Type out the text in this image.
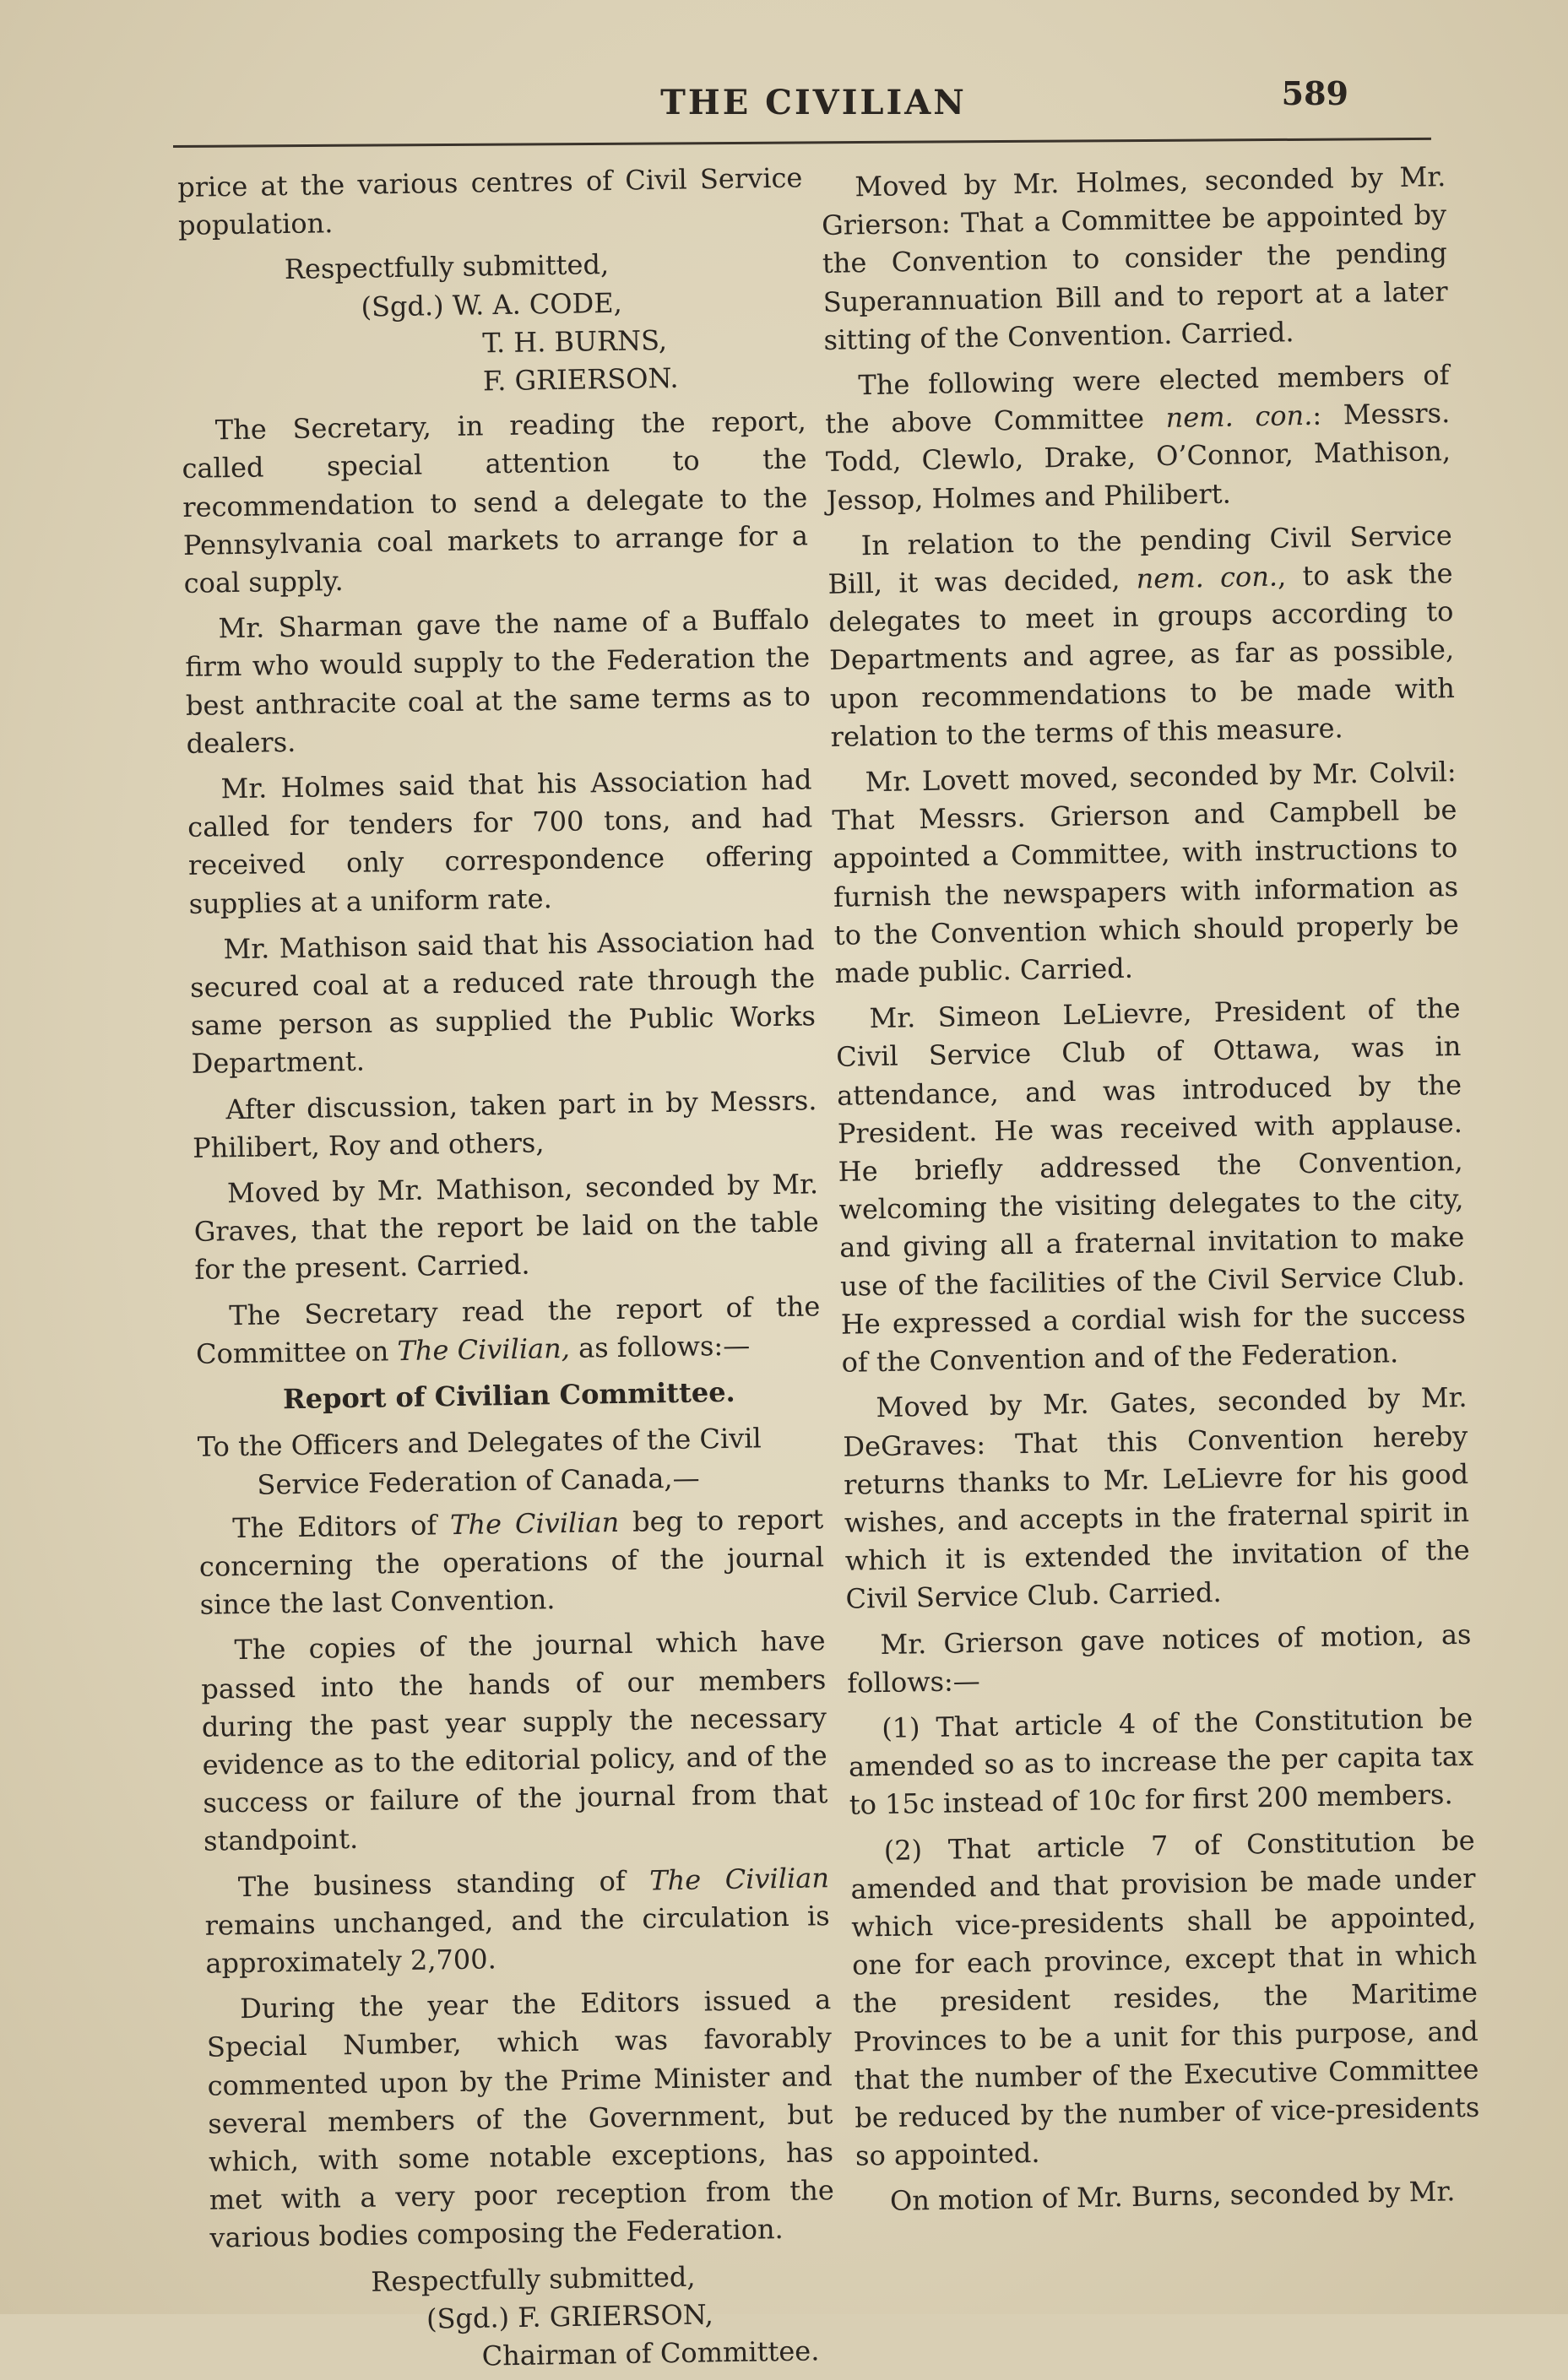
THE CIVILIAN	589

price at the various centres of Civil Service population.

Respectfully submitted,
(Sgd.) W. A. CODE,
T. H. BURNS,
F. GRIERSON.

The Secretary, in reading the report, called special attention to the recommendation to send a delegate to the Pennsylvania coal markets to arrange for a coal supply.

Mr. Sharman gave the name of a Buffalo firm who would supply to the Federation the best anthracite coal at the same terms as to dealers.

Mr. Holmes said that his Association had called for tenders for 700 tons, and had received only correspondence offering supplies at a uniform rate.

Mr. Mathison said that his Association had secured coal at a reduced rate through the same person as supplied the Public Works Department.

After discussion, taken part in by Messrs. Philibert, Roy and others,

Moved by Mr. Mathison, seconded by Mr. Graves, that the report be laid on the table for the present. Carried.

The Secretary read the report of the Committee on The Civilian, as follows:—

Report of Civilian Committee.
To the Officers and Delegates of the Civil
Service Federation of Canada,—

The Editors of The Civilian beg to report concerning the operations of the journal since the last Convention.

The copies of the journal which have passed into the hands of our members during the past year supply the necessary evidence as to the editorial policy, and of the success or failure of the journal from that standpoint.

The business standing of The Civilian remains unchanged, and the circulation is approximately 2,700.

During the year the Editors issued a Special Number, which was favorably commented upon by the Prime Minister and several members of the Government, but which, with some notable exceptions, has met with a very poor reception from the various bodies composing the Federation.

Respectfully submitted,
(Sgd.) F. GRIERSON,
Chairman of Committee.

Moved by Mr. Holmes, seconded by Mr. Grierson: That a Committee be appointed by the Convention to consider the pending Superannuation Bill and to report at a later sitting of the Convention. Carried.

The following were elected members of the above Committee nem. con.: Messrs. Todd, Clewlo, Drake, O’Connor, Mathison, Jessop, Holmes and Philibert.

In relation to the pending Civil Service Bill, it was decided, nem. con., to ask the delegates to meet in groups according to Departments and agree, as far as possible, upon recommendations to be made with relation to the terms of this measure.

Mr. Lovett moved, seconded by Mr. Colvil: That Messrs. Grierson and Campbell be appointed a Committee, with instructions to furnish the newspapers with information as to the Convention which should properly be made public. Carried.

Mr. Simeon LeLievre, President of the Civil Service Club of Ottawa, was in attendance, and was introduced by the President. He was received with applause. He briefly addressed the Convention, welcoming the visiting delegates to the city, and giving all a fraternal invitation to make use of the facilities of the Civil Service Club. He expressed a cordial wish for the success of the Convention and of the Federation.

Moved by Mr. Gates, seconded by Mr. DeGraves: That this Convention hereby returns thanks to Mr. LeLievre for his good wishes, and accepts in the fraternal spirit in which it is extended the invitation of the Civil Service Club. Carried.

Mr. Grierson gave notices of motion, as follows:—

(1) That article 4 of the Constitution be amended so as to increase the per capita tax to 15c instead of 10c for first 200 members.

(2) That article 7 of Constitution be amended and that provision be made under which vice-presidents shall be appointed, one for each province, except that in which the president resides, the Maritime Provinces to be a unit for this purpose, and that the number of the Executive Committee be reduced by the number of vice-presidents so appointed.

On motion of Mr. Burns, seconded by Mr.
